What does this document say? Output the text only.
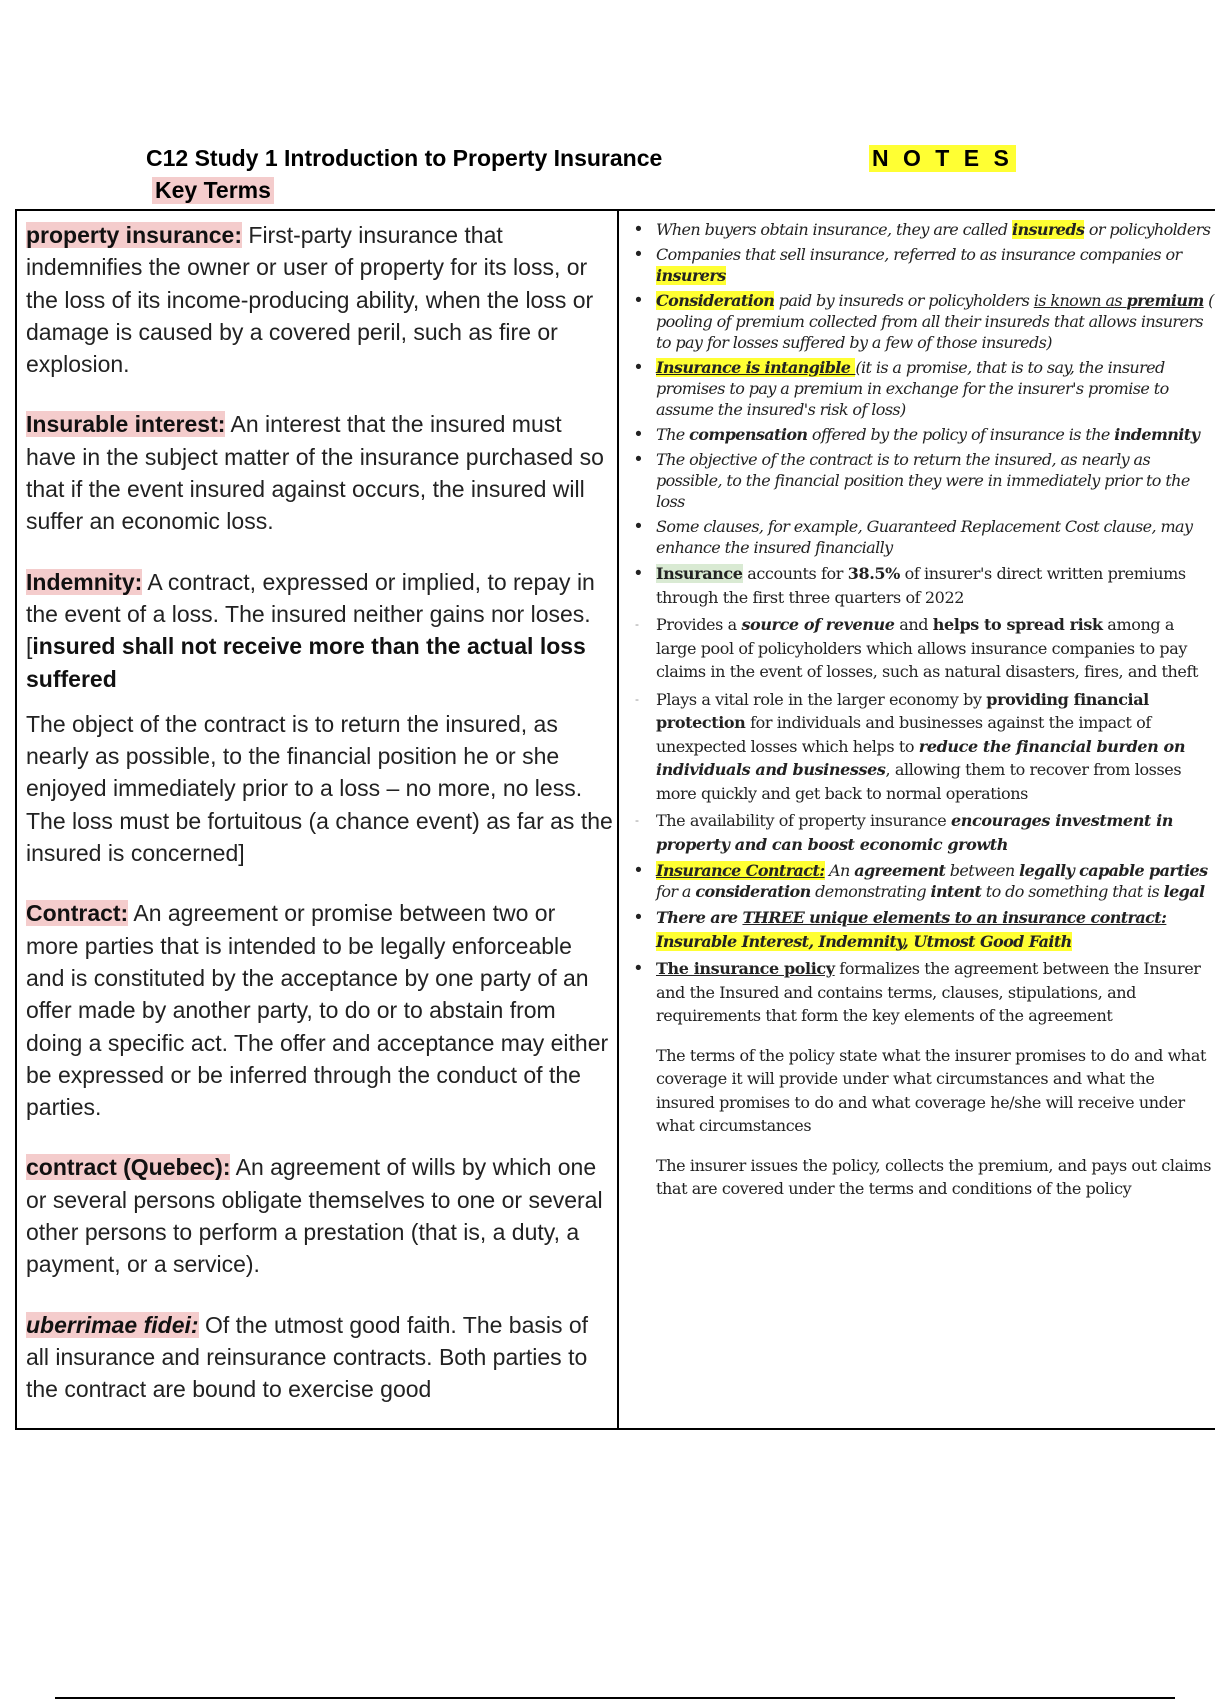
C12 Study 1 Introduction to Property Insurance	N O T E S
Key Terms

property insurance: First-party insurance that indemnifies the owner or user of property for its loss, or the loss of its income-producing ability, when the loss or damage is caused by a covered peril, such as fire or explosion.

Insurable interest: An interest that the insured must have in the subject matter of the insurance purchased so that if the event insured against occurs, the insured will suffer an economic loss.

Indemnity: A contract, expressed or implied, to repay in the event of a loss. The insured neither gains nor loses. [insured shall not receive more than the actual loss suffered

The object of the contract is to return the insured, as nearly as possible, to the financial position he or she enjoyed immediately prior to a loss – no more, no less. The loss must be fortuitous (a chance event) as far as the insured is concerned]

Contract: An agreement or promise between two or more parties that is intended to be legally enforceable and is constituted by the acceptance by one party of an offer made by another party, to do or to abstain from doing a specific act. The offer and acceptance may either be expressed or be inferred through the conduct of the parties.

contract (Quebec): An agreement of wills by which one or several persons obligate themselves to one or several other persons to perform a prestation (that is, a duty, a payment, or a service).

uberrimae fidei: Of the utmost good faith. The basis of all insurance and reinsurance contracts. Both parties to the contract are bound to exercise good

• When buyers obtain insurance, they are called insureds or policyholders
• Companies that sell insurance, referred to as insurance companies or insurers
• Consideration paid by insureds or policyholders is known as premium ( pooling of premium collected from all their insureds that allows insurers to pay for losses suffered by a few of those insureds)
• Insurance is intangible (it is a promise, that is to say, the insured promises to pay a premium in exchange for the insurer's promise to assume the insured's risk of loss)
• The compensation offered by the policy of insurance is the indemnity
• The objective of the contract is to return the insured, as nearly as possible, to the financial position they were in immediately prior to the loss
• Some clauses, for example, Guaranteed Replacement Cost clause, may enhance the insured financially
• Insurance accounts for 38.5% of insurer's direct written premiums through the first three quarters of 2022
- Provides a source of revenue and helps to spread risk among a large pool of policyholders which allows insurance companies to pay claims in the event of losses, such as natural disasters, fires, and theft
- Plays a vital role in the larger economy by providing financial protection for individuals and businesses against the impact of unexpected losses which helps to reduce the financial burden on individuals and businesses, allowing them to recover from losses more quickly and get back to normal operations
- The availability of property insurance encourages investment in property and can boost economic growth
• Insurance Contract: An agreement between legally capable parties for a consideration demonstrating intent to do something that is legal
• There are THREE unique elements to an insurance contract: Insurable Interest, Indemnity, Utmost Good Faith
• The insurance policy formalizes the agreement between the Insurer and the Insured and contains terms, clauses, stipulations, and requirements that form the key elements of the agreement

The terms of the policy state what the insurer promises to do and what coverage it will provide under what circumstances and what the insured promises to do and what coverage he/she will receive under what circumstances

The insurer issues the policy, collects the premium, and pays out claims that are covered under the terms and conditions of the policy
